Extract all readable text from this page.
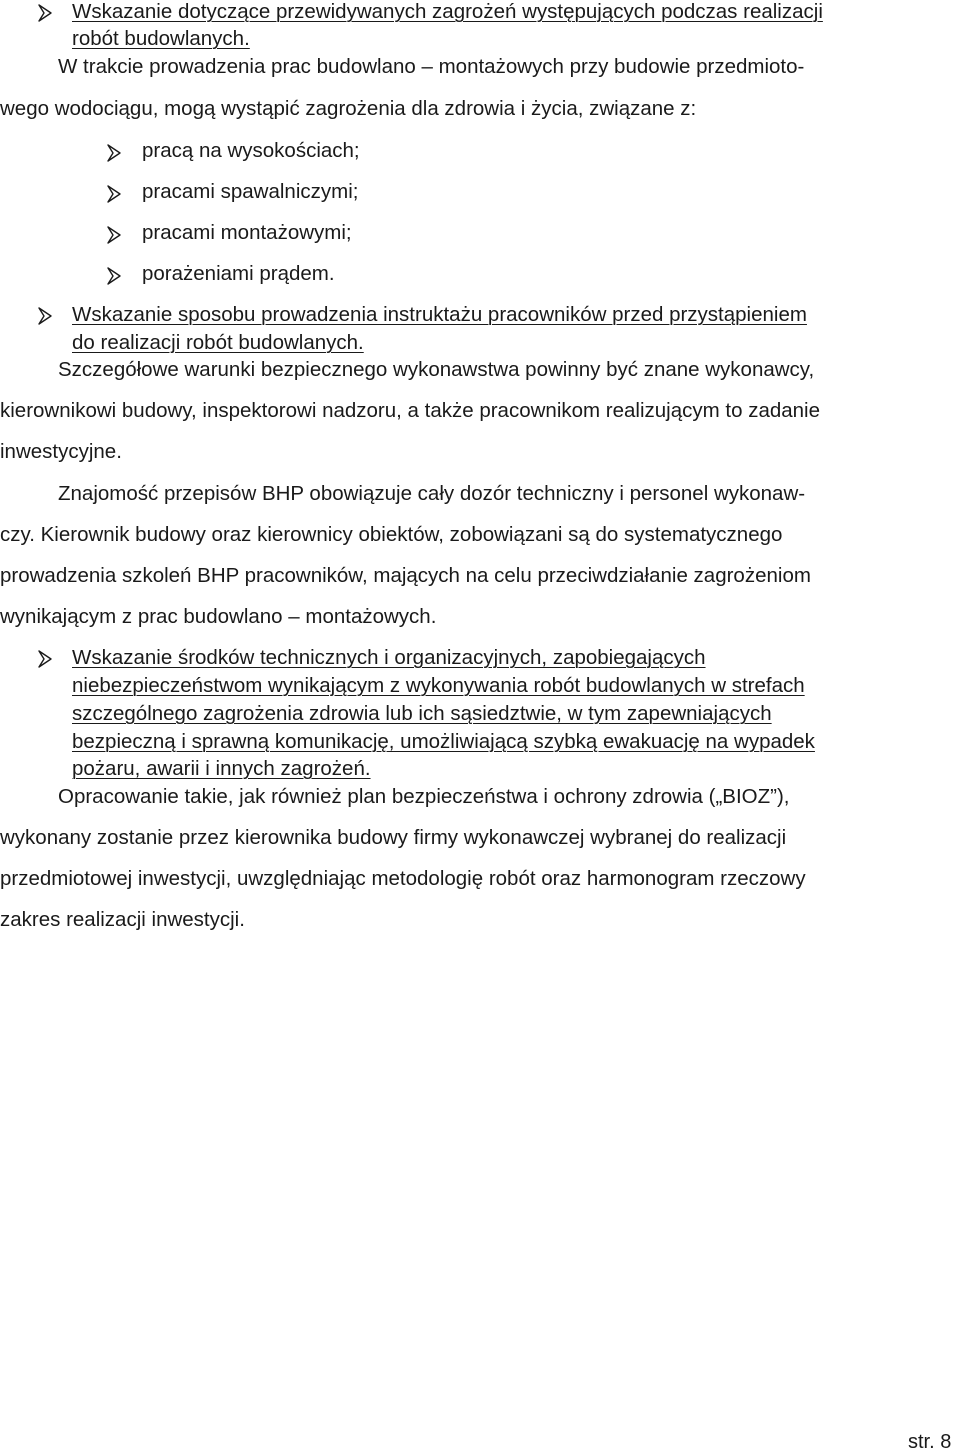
Wskazanie dotyczące przewidywanych zagrożeń występujących podczas realizacji
robót budowlanych.
W trakcie prowadzenia prac budowlano – montażowych przy budowie przedmioto-
wego wodociągu, mogą wystąpić zagrożenia dla zdrowia i życia, związane z:
pracą na wysokościach;
pracami spawalniczymi;
pracami montażowymi;
porażeniami prądem.
Wskazanie sposobu prowadzenia instruktażu pracowników przed przystąpieniem
do realizacji robót budowlanych.
Szczegółowe warunki bezpiecznego wykonawstwa powinny być znane wykonawcy,
kierownikowi budowy, inspektorowi nadzoru, a także pracownikom realizującym to zadanie
inwestycyjne.
Znajomość przepisów BHP obowiązuje cały dozór techniczny i personel wykonaw-
czy. Kierownik budowy oraz kierownicy obiektów, zobowiązani są do systematycznego
prowadzenia szkoleń BHP pracowników, mających na celu przeciwdziałanie zagrożeniom
wynikającym z prac budowlano – montażowych.
Wskazanie środków technicznych i organizacyjnych, zapobiegających
niebezpieczeństwom wynikającym z wykonywania robót budowlanych w strefach
szczególnego zagrożenia zdrowia lub ich sąsiedztwie, w tym zapewniających
bezpieczną i sprawną komunikację, umożliwiającą szybką ewakuację na wypadek
pożaru, awarii i innych zagrożeń.
Opracowanie takie, jak również plan bezpieczeństwa i ochrony zdrowia („BIOZ”),
wykonany zostanie przez kierownika budowy firmy wykonawczej wybranej do realizacji
przedmiotowej inwestycji, uwzględniając metodologię robót oraz harmonogram rzeczowy
zakres realizacji inwestycji.
str. 8
